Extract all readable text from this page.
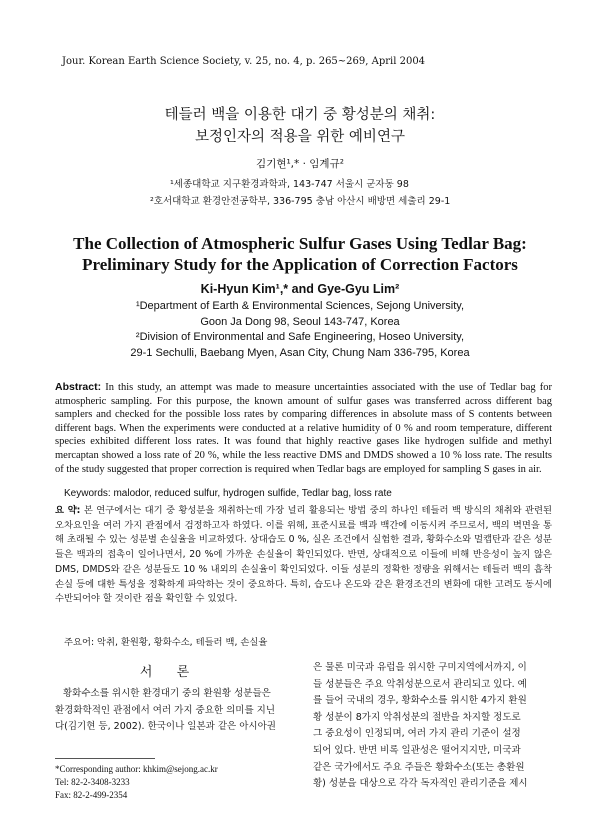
Jour. Korean Earth Science Society, v. 25, no. 4, p. 265~269, April 2004
테들러 백을 이용한 대기 중 황성분의 채취:
보정인자의 적용을 위한 예비연구
김기현¹,* · 임계규²
¹세종대학교 지구환경과학과, 143-747 서울시 군자동 98
²호서대학교 환경안전공학부, 336-795 충남 아산시 배방면 세출리 29-1
The Collection of Atmospheric Sulfur Gases Using Tedlar Bag:
Preliminary Study for the Application of Correction Factors
Ki-Hyun Kim¹,* and Gye-Gyu Lim²
¹Department of Earth & Environmental Sciences, Sejong University,
Goon Ja Dong 98, Seoul 143-747, Korea
²Division of Environmental and Safe Engineering, Hoseo University,
29-1 Sechulli, Baebang Myen, Asan City, Chung Nam 336-795, Korea
Abstract: In this study, an attempt was made to measure uncertainties associated with the use of Tedlar bag for atmospheric sampling. For this purpose, the known amount of sulfur gases was transferred across different bag samplers and checked for the possible loss rates by comparing differences in absolute mass of S contents between different bags. When the experiments were conducted at a relative humidity of 0 % and room temperature, different species exhibited different loss rates. It was found that highly reactive gases like hydrogen sulfide and methyl mercaptan showed a loss rate of 20 %, while the less reactive DMS and DMDS showed a 10 % loss rate. The results of the study suggested that proper correction is required when Tedlar bags are employed for sampling S gases in air.
Keywords: malodor, reduced sulfur, hydrogen sulfide, Tedlar bag, loss rate
요 약: 본 연구에서는 대기 중 황성분을 채취하는데 가장 널리 활용되는 방법 중의 하나인 테들러 백 방식의 채취와 관련된 오차요인을 여러 가지 관점에서 검정하고자 하였다. 이를 위해, 표준시료를 백과 백간에 이동시켜 주므로서, 백의 벽면을 통해 초래될 수 있는 성분별 손실율을 비교하였다. 상대습도 0 %, 실온 조건에서 실험한 결과, 황화수소와 멀캡탄과 같은 성분들은 백과의 접촉이 일어나면서, 20 %에 가까운 손실율이 확인되었다. 반면, 상대적으로 이들에 비해 반응성이 높지 않은 DMS, DMDS와 같은 성분들도 10 % 내외의 손실율이 확인되었다. 이들 성분의 정확한 정량을 위해서는 테들러 백의 흡착손실 등에 대한 특성을 정확하게 파악하는 것이 중요하다. 특히, 습도나 온도와 같은 환경조건의 변화에 대한 고려도 동시에 수반되어야 할 것이란 점을 확인할 수 있었다.
주요어: 악취, 환원황, 황화수소, 테들러 백, 손실율
서 론
황화수소를 위시한 환경대기 중의 환원황 성분들은
환경화학적인 관점에서 여러 가지 중요한 의미를 지닌
다(김기현 등, 2002). 한국이나 일본과 같은 아시아권
은 물론 미국과 유럽을 위시한 구미지역에서까지, 이
들 성분들은 주요 악취성분으로서 관리되고 있다. 예
를 들어 국내의 경우, 황화수소를 위시한 4가지 환원
황 성분이 8가지 악취성분의 절반을 차지할 정도로
그 중요성이 인정되며, 여러 가지 관리 기준이 설정
되어 있다. 반면 비록 일관성은 떨어지지만, 미국과
같은 국가에서도 주요 주들은 황화수소(또는 총환원
황) 성분을 대상으로 각각 독자적인 관리기준을 제시
*Corresponding author: khkim@sejong.ac.kr
Tel: 82-2-3408-3233
Fax: 82-2-499-2354
